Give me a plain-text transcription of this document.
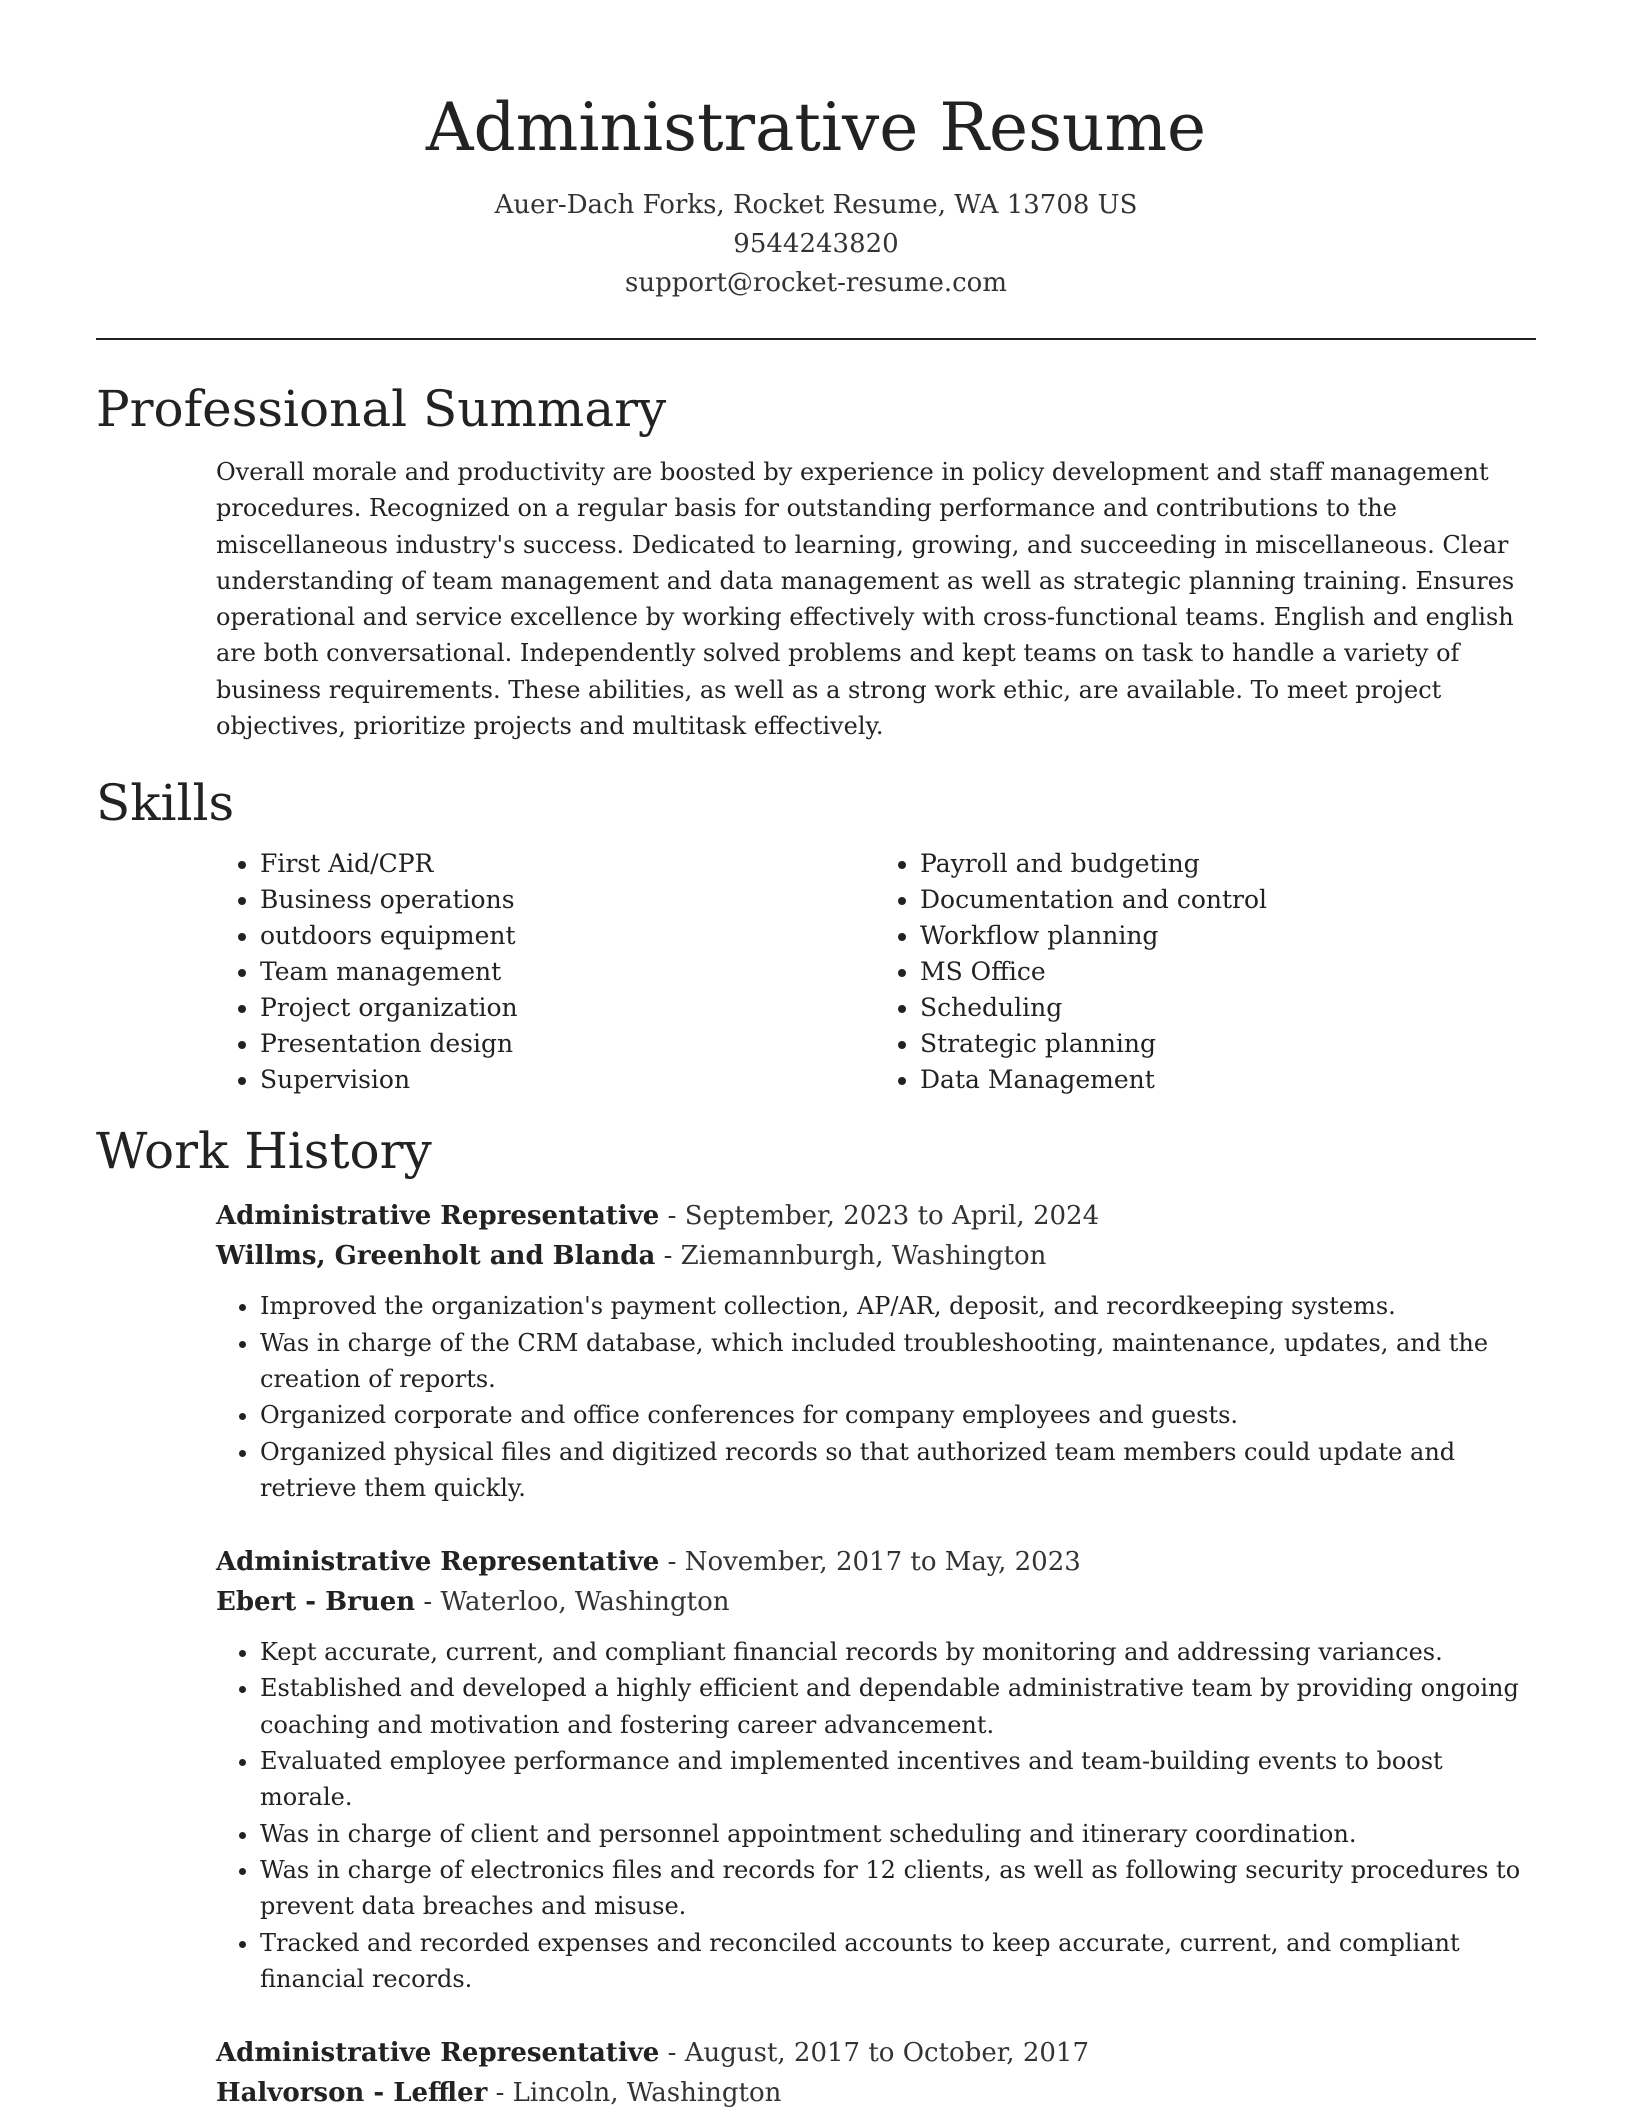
Administrative Resume
Auer-Dach Forks, Rocket Resume, WA 13708 US
9544243820
support@rocket-resume.com
Professional Summary

Overall morale and productivity are boosted by experience in policy development and staff management procedures. Recognized on a regular basis for outstanding performance and contributions to the miscellaneous industry's success. Dedicated to learning, growing, and succeeding in miscellaneous. Clear understanding of team management and data management as well as strategic planning training. Ensures operational and service excellence by working effectively with cross-functional teams. English and english are both conversational. Independently solved problems and kept teams on task to handle a variety of business requirements. These abilities, as well as a strong work ethic, are available. To meet project objectives, prioritize projects and multitask effectively.

Skills
• First Aid/CPR
• Business operations
• outdoors equipment
• Team management
• Project organization
• Presentation design
• Supervision
• Payroll and budgeting
• Documentation and control
• Workflow planning
• MS Office
• Scheduling
• Strategic planning
• Data Management
Work History
Administrative Representative - September, 2023 to April, 2024
Willms, Greenholt and Blanda - Ziemannburgh, Washington
• Improved the organization's payment collection, AP/AR, deposit, and recordkeeping systems.
• Was in charge of the CRM database, which included troubleshooting, maintenance, updates, and the creation of reports.
• Organized corporate and office conferences for company employees and guests.
• Organized physical files and digitized records so that authorized team members could update and retrieve them quickly.
Administrative Representative - November, 2017 to May, 2023
Ebert - Bruen - Waterloo, Washington
• Kept accurate, current, and compliant financial records by monitoring and addressing variances.
• Established and developed a highly efficient and dependable administrative team by providing ongoing coaching and motivation and fostering career advancement.
• Evaluated employee performance and implemented incentives and team-building events to boost morale.
• Was in charge of client and personnel appointment scheduling and itinerary coordination.
• Was in charge of electronics files and records for 12 clients, as well as following security procedures to prevent data breaches and misuse.
• Tracked and recorded expenses and reconciled accounts to keep accurate, current, and compliant financial records.
Administrative Representative - August, 2017 to October, 2017
Halvorson - Leffler - Lincoln, Washington
